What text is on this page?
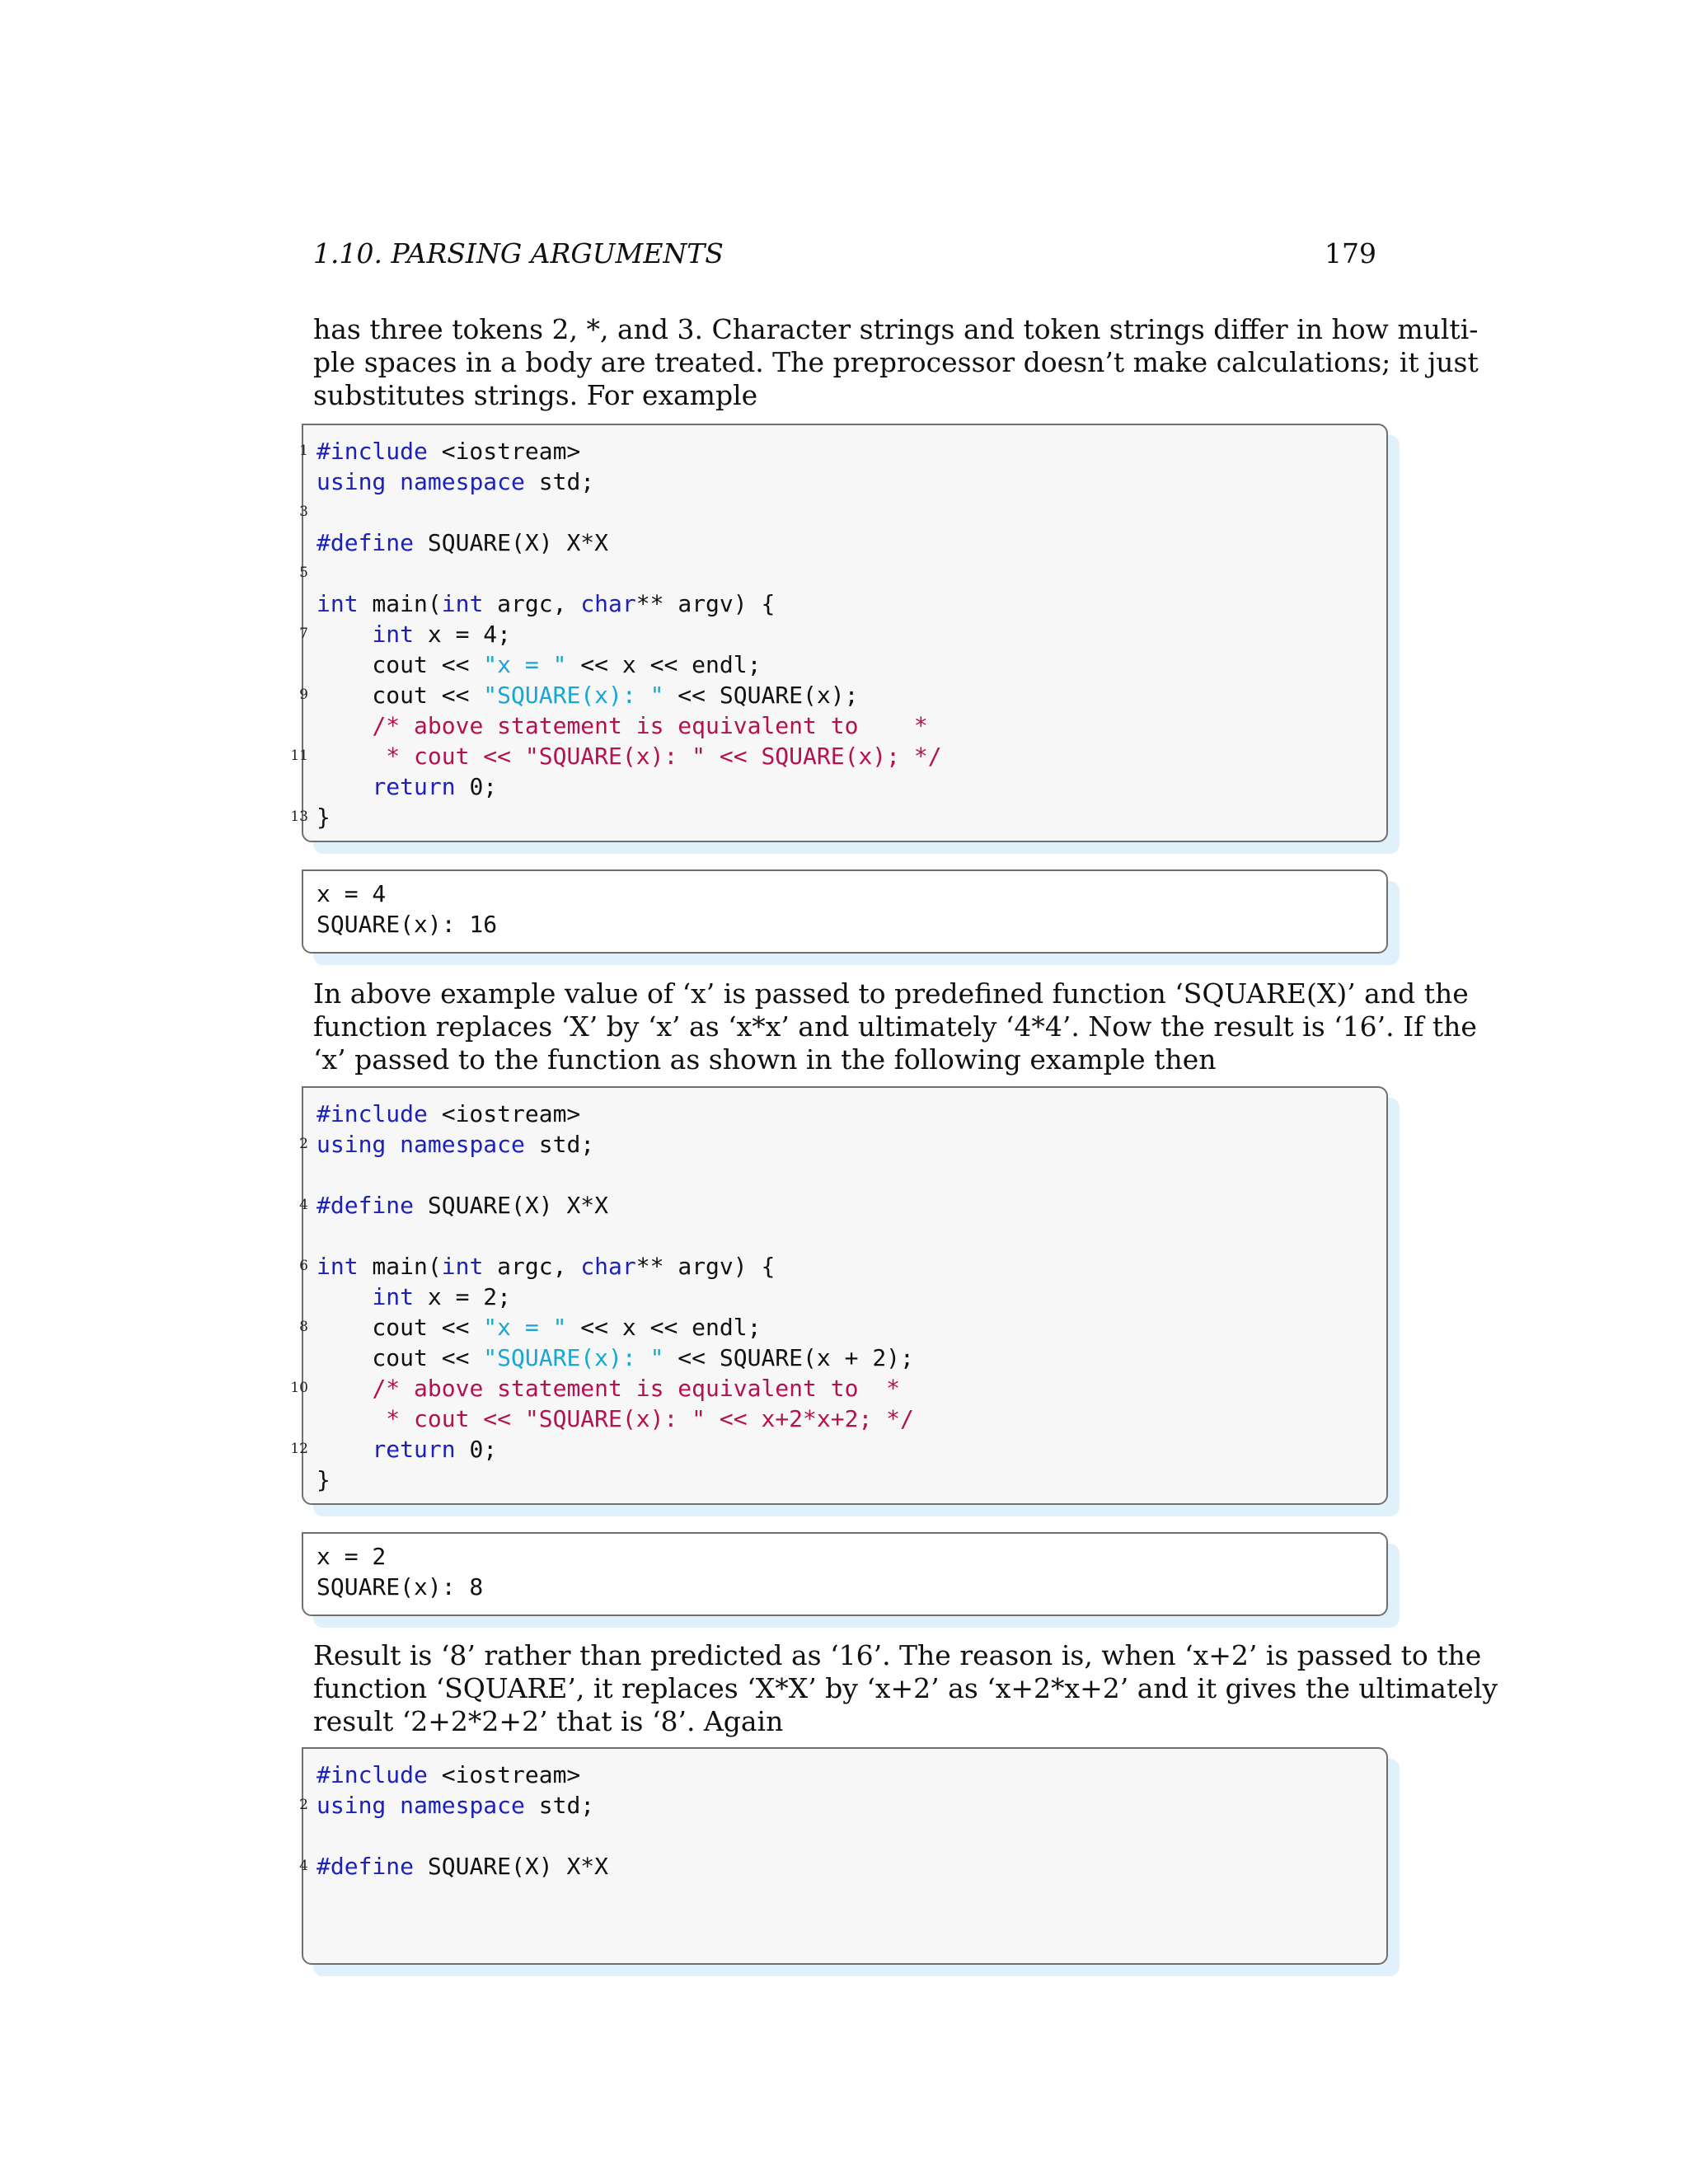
1.10. PARSING ARGUMENTS	179

has three tokens 2, *, and 3. Character strings and token strings differ in how multi-
ple spaces in a body are treated. The preprocessor doesn’t make calculations; it just
substitutes strings. For example

1 #include <iostream>
using namespace std;
3
#define SQUARE(X) X*X
5
int main(int argc, char** argv) {
7	int x = 4;
cout << "x = " << x << endl;
9 cout << "SQUARE(x): " << SQUARE(x);
/* above statement is equivalent to    *
11	* cout << "SQUARE(x): " << SQUARE(x); */
return 0;
13 }
x = 4
SQUARE(x): 16

In above example value of ‘x’ is passed to predefined function ‘SQUARE(X)’ and the
function replaces ‘X’ by ‘x’ as ‘x*x’ and ultimately ‘4*4’. Now the result is ‘16’. If the
‘x’ passed to the function as shown in the following example then

#include <iostream>
2 using namespace std;
4 #define SQUARE(X) X*X
6 int main(int argc, char** argv) {
int x = 2;
8 cout << "x = " << x << endl;
cout << "SQUARE(x): " << SQUARE(x + 2);
10	/* above statement is equivalent to  *
* cout << "SQUARE(x): " << x+2*x+2; */
12	return 0;
}
x = 2
SQUARE(x): 8

Result is ‘8’ rather than predicted as ‘16’. The reason is, when ‘x+2’ is passed to the
function ‘SQUARE’, it replaces ‘X*X’ by ‘x+2’ as ‘x+2*x+2’ and it gives the ultimately
result ‘2+2*2+2’ that is ‘8’. Again

#include <iostream>
2 using namespace std;
4 #define SQUARE(X) X*X
